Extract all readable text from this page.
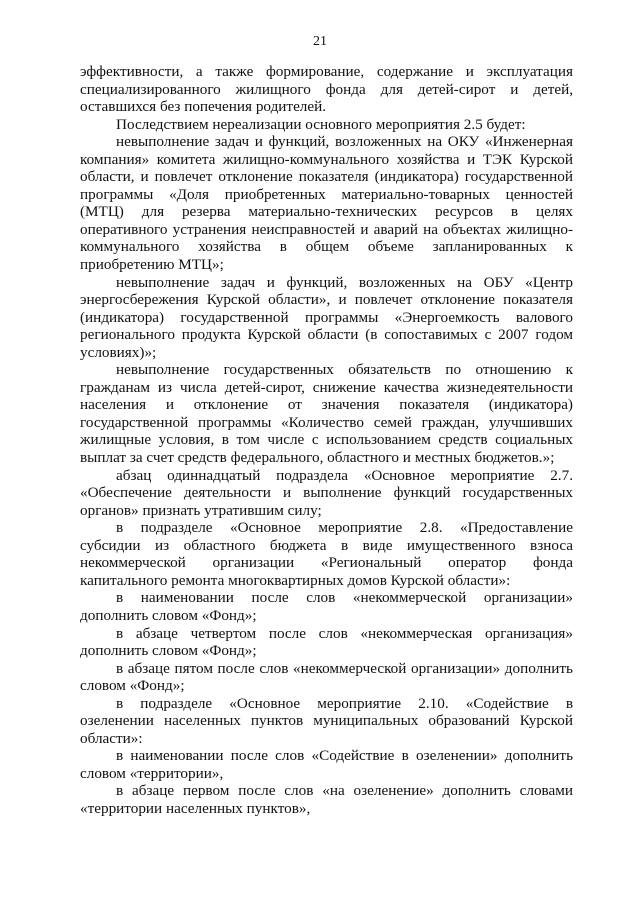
21
эффективности, а также формирование, содержание и эксплуатация
специализированного жилищного фонда для детей-сирот и детей,
оставшихся без попечения родителей.
Последствием нереализации основного мероприятия 2.5 будет:
невыполнение задач и функций, возложенных на ОКУ «Инженерная
компания» комитета жилищно-коммунального хозяйства и ТЭК Курской
области, и повлечет отклонение показателя (индикатора) государственной
программы «Доля приобретенных материально-товарных ценностей
(МТЦ) для резерва материально-технических ресурсов в целях
оперативного устранения неисправностей и аварий на объектах жилищно-
коммунального хозяйства в общем объеме запланированных к
приобретению МТЦ»;
невыполнение задач и функций, возложенных на ОБУ «Центр
энергосбережения Курской области», и повлечет отклонение показателя
(индикатора) государственной программы «Энергоемкость валового
регионального продукта Курской области (в сопоставимых с 2007 годом
условиях)»;
невыполнение государственных обязательств по отношению к
гражданам из числа детей-сирот, снижение качества жизнедеятельности
населения и отклонение от значения показателя (индикатора)
государственной программы «Количество семей граждан, улучшивших
жилищные условия, в том числе с использованием средств социальных
выплат за счет средств федерального, областного и местных бюджетов.»;
абзац одиннадцатый подраздела «Основное мероприятие 2.7.
«Обеспечение деятельности и выполнение функций государственных
органов» признать утратившим силу;
в подразделе «Основное мероприятие 2.8. «Предоставление
субсидии из областного бюджета в виде имущественного взноса
некоммерческой организации «Региональный оператор фонда
капитального ремонта многоквартирных домов Курской области»:
в наименовании после слов «некоммерческой организации»
дополнить словом «Фонд»;
в абзаце четвертом после слов «некоммерческая организация»
дополнить словом «Фонд»;
в абзаце пятом после слов «некоммерческой организации» дополнить
словом «Фонд»;
в подразделе «Основное мероприятие 2.10. «Содействие в
озеленении населенных пунктов муниципальных образований Курской
области»:
в наименовании после слов «Содействие в озеленении» дополнить
словом «территории»,
в абзаце первом после слов «на озеленение» дополнить словами
«территории населенных пунктов»,
